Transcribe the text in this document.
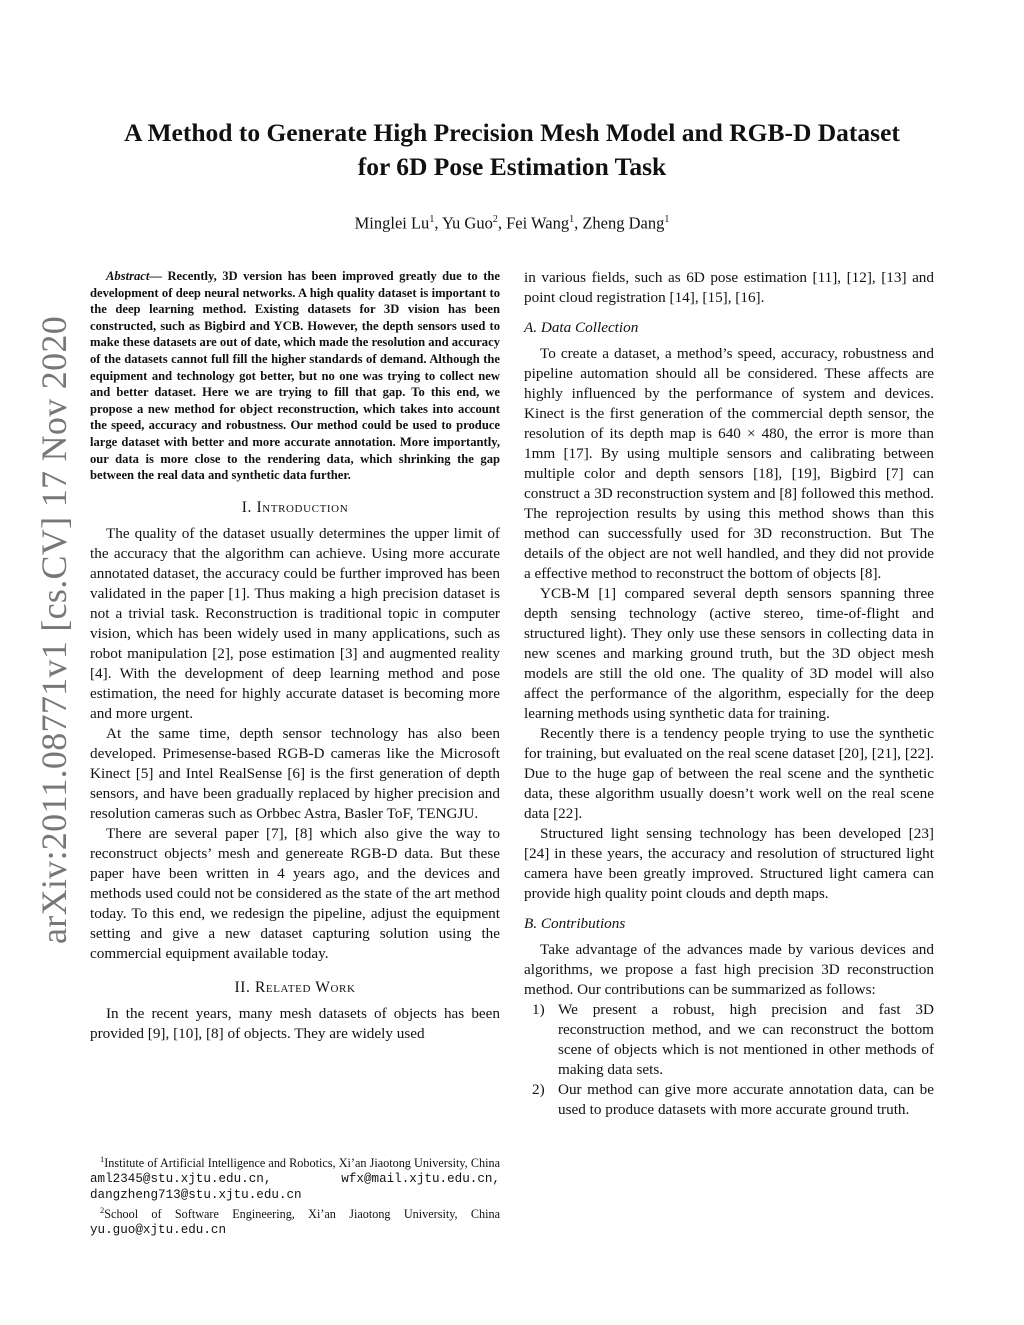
arXiv:2011.08771v1 [cs.CV] 17 Nov 2020
A Method to Generate High Precision Mesh Model and RGB-D Dataset
for 6D Pose Estimation Task
Minglei Lu$^1$, Yu Guo$^2$, Fei Wang$^1$, Zheng Dang$^1$

Abstract— Recently, 3D version has been improved greatly due to the development of deep neural networks. A high quality dataset is important to the deep learning method. Existing datasets for 3D vision has been constructed, such as Bigbird and YCB. However, the depth sensors used to make these datasets are out of date, which made the resolution and accuracy of the datasets cannot full fill the higher standards of demand. Although the equipment and technology got better, but no one was trying to collect new and better dataset. Here we are trying to fill that gap. To this end, we propose a new method for object reconstruction, which takes into account the speed, accuracy and robustness. Our method could be used to produce large dataset with better and more accurate annotation. More importantly, our data is more close to the rendering data, which shrinking the gap between the real data and synthetic data further.

I. Introduction

The quality of the dataset usually determines the upper limit of the accuracy that the algorithm can achieve. Using more accurate annotated dataset, the accuracy could be further improved has been validated in the paper [1]. Thus making a high precision dataset is not a trivial task. Reconstruction is traditional topic in computer vision, which has been widely used in many applications, such as robot manipulation [2], pose estimation [3] and augmented reality [4]. With the development of deep learning method and pose estimation, the need for highly accurate dataset is becoming more and more urgent.

At the same time, depth sensor technology has also been developed. Primesense-based RGB-D cameras like the Microsoft Kinect [5] and Intel RealSense [6] is the first generation of depth sensors, and have been gradually replaced by higher precision and resolution cameras such as Orbbec Astra, Basler ToF, TENGJU.

There are several paper [7], [8] which also give the way to reconstruct objects’ mesh and genereate RGB-D data. But these paper have been written in 4 years ago, and the devices and methods used could not be considered as the state of the art method today. To this end, we redesign the pipeline, adjust the equipment setting and give a new dataset capturing solution using the commercial equipment available today.

II. Related Work

In the recent years, many mesh datasets of objects has been provided [9], [10], [8] of objects. They are widely used

$^1$Institute of Artificial Intelligence and Robotics, Xi’an Jiaotong University, China aml2345@stu.xjtu.edu.cn, wfx@mail.xjtu.edu.cn, dangzheng713@stu.xjtu.edu.cn

$^2$School of Software Engineering, Xi’an Jiaotong University, China yu.guo@xjtu.edu.cn

in various fields, such as 6D pose estimation [11], [12], [13] and point cloud registration [14], [15], [16].

A. Data Collection

To create a dataset, a method’s speed, accuracy, robustness and pipeline automation should all be considered. These affects are highly influenced by the performance of system and devices. Kinect is the first generation of the commercial depth sensor, the resolution of its depth map is 640 × 480, the error is more than 1mm [17]. By using multiple sensors and calibrating between multiple color and depth sensors [18], [19], Bigbird [7] can construct a 3D reconstruction system and [8] followed this method. The reprojection results by using this method shows than this method can successfully used for 3D reconstruction. But The details of the object are not well handled, and they did not provide a effective method to reconstruct the bottom of objects [8].

YCB-M [1] compared several depth sensors spanning three depth sensing technology (active stereo, time-of-flight and structured light). They only use these sensors in collecting data in new scenes and marking ground truth, but the 3D object mesh models are still the old one. The quality of 3D model will also affect the performance of the algorithm, especially for the deep learning methods using synthetic data for training.

Recently there is a tendency people trying to use the synthetic for training, but evaluated on the real scene dataset [20], [21], [22]. Due to the huge gap of between the real scene and the synthetic data, these algorithm usually doesn’t work well on the real scene data [22].

Structured light sensing technology has been developed [23] [24] in these years, the accuracy and resolution of structured light camera have been greatly improved. Structured light camera can provide high quality point clouds and depth maps.

B. Contributions

Take advantage of the advances made by various devices and algorithms, we propose a fast high precision 3D reconstruction method. Our contributions can be summarized as follows:

1) We present a robust, high precision and fast 3D reconstruction method, and we can reconstruct the bottom scene of objects which is not mentioned in other methods of making data sets.
2) Our method can give more accurate annotation data, can be used to produce datasets with more accurate ground truth.
